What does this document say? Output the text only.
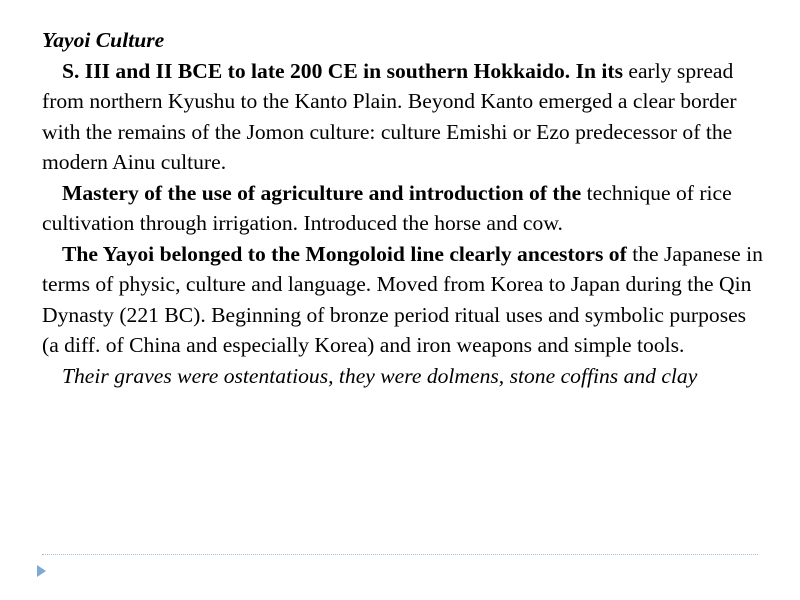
Yayoi Culture

S. III and II BCE to late 200 CE in southern Hokkaido. In its early spread from northern Kyushu to the Kanto Plain. Beyond Kanto emerged a clear border with the remains of the Jomon culture: culture Emishi or Ezo predecessor of the modern Ainu culture.

Mastery of the use of agriculture and introduction of the technique of rice cultivation through irrigation. Introduced the horse and cow.

The Yayoi belonged to the Mongoloid line clearly ancestors of the Japanese in terms of physic, culture and language. Moved from Korea to Japan during the Qin Dynasty (221 BC). Beginning of bronze period ritual uses and symbolic purposes (a diff. of China and especially Korea) and iron weapons and simple tools.

Their graves were ostentatious, they were dolmens, stone coffins and clay
